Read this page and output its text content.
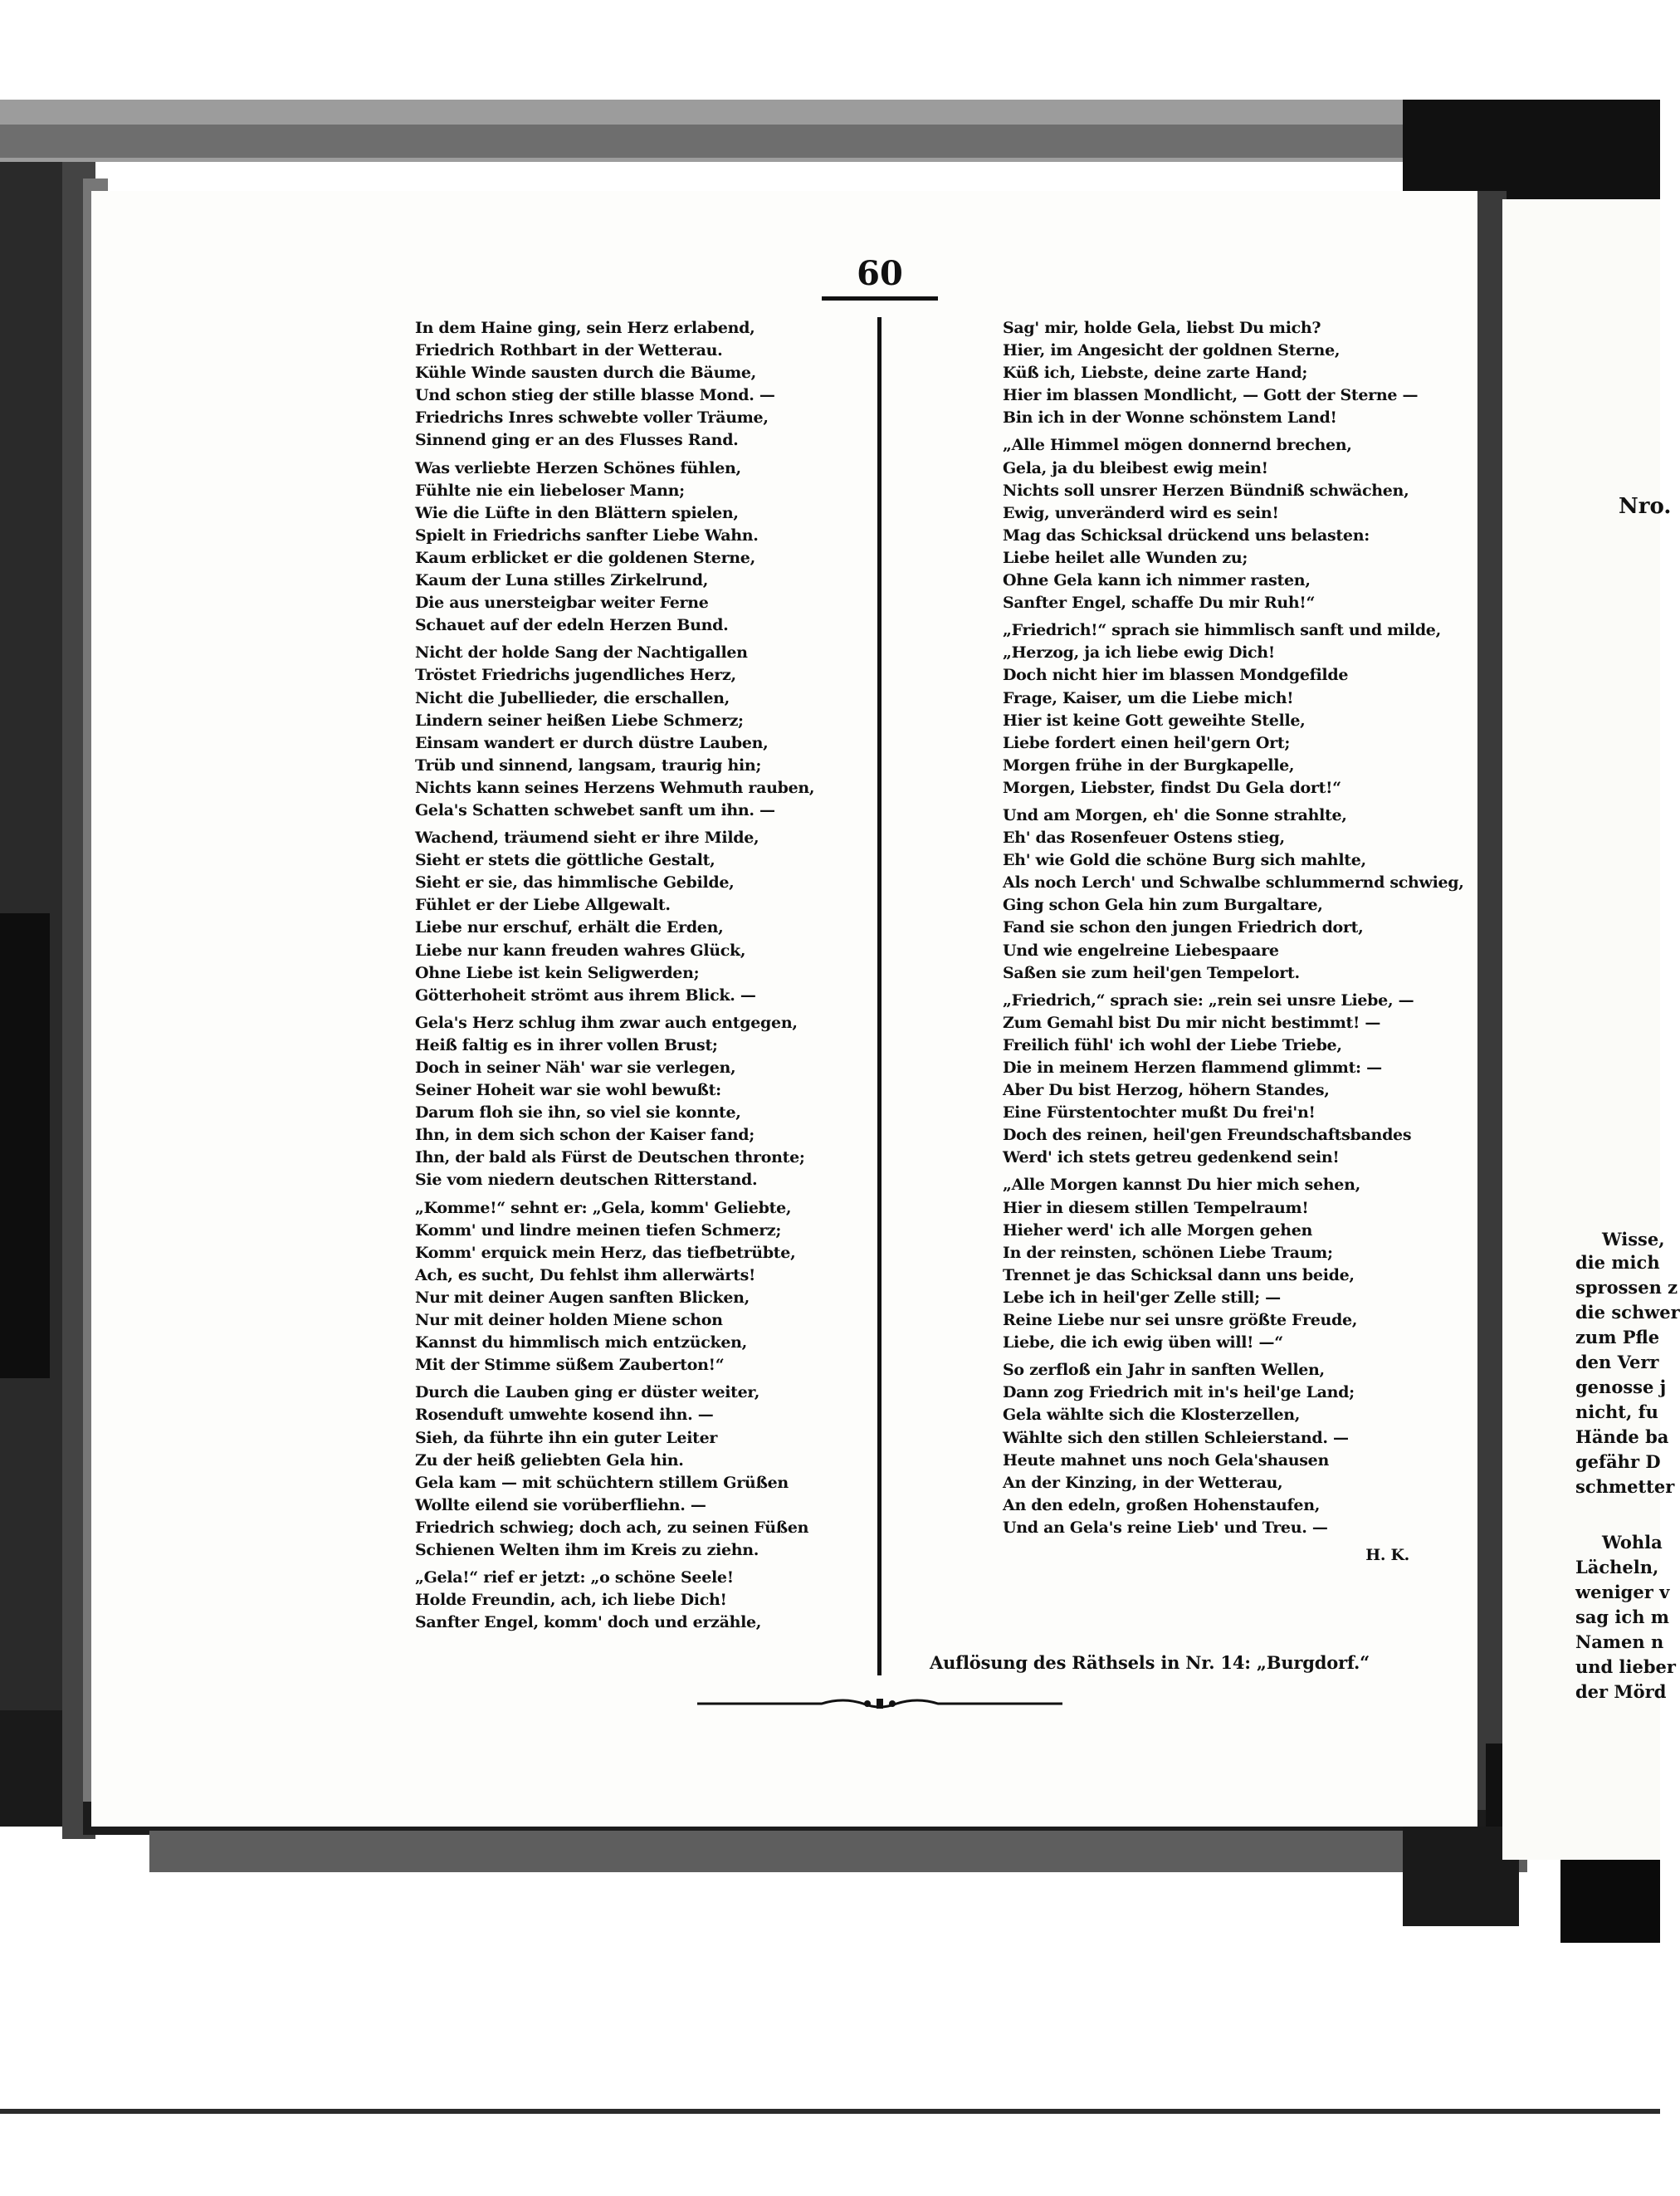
60
In dem Haine ging, sein Herz erlabend,
Friedrich Rothbart in der Wetterau.
Kühle Winde sausten durch die Bäume,
Und schon stieg der stille blasse Mond. —
Friedrichs Inres schwebte voller Träume,
Sinnend ging er an des Flusses Rand.
Was verliebte Herzen Schönes fühlen,
Fühlte nie ein liebeloser Mann;
Wie die Lüfte in den Blättern spielen,
Spielt in Friedrichs sanfter Liebe Wahn.
Kaum erblicket er die goldenen Sterne,
Kaum der Luna stilles Zirkelrund,
Die aus unersteigbar weiter Ferne
Schauet auf der edeln Herzen Bund.
Nicht der holde Sang der Nachtigallen
Tröstet Friedrichs jugendliches Herz,
Nicht die Jubellieder, die erschallen,
Lindern seiner heißen Liebe Schmerz;
Einsam wandert er durch düstre Lauben,
Trüb und sinnend, langsam, traurig hin;
Nichts kann seines Herzens Wehmuth rauben,
Gela's Schatten schwebet sanft um ihn. —
Wachend, träumend sieht er ihre Milde,
Sieht er stets die göttliche Gestalt,
Sieht er sie, das himmlische Gebilde,
Fühlet er der Liebe Allgewalt.
Liebe nur erschuf, erhält die Erden,
Liebe nur kann freuden wahres Glück,
Ohne Liebe ist kein Seligwerden;
Götterhoheit strömt aus ihrem Blick. —
Gela's Herz schlug ihm zwar auch entgegen,
Heiß faltig es in ihrer vollen Brust;
Doch in seiner Näh' war sie verlegen,
Seiner Hoheit war sie wohl bewußt:
Darum floh sie ihn, so viel sie konnte,
Ihn, in dem sich schon der Kaiser fand;
Ihn, der bald als Fürst de Deutschen thronte;
Sie vom niedern deutschen Ritterstand.
„Komme!“ sehnt er: „Gela, komm' Geliebte,
Komm' und lindre meinen tiefen Schmerz;
Komm' erquick mein Herz, das tiefbetrübte,
Ach, es sucht, Du fehlst ihm allerwärts!
Nur mit deiner Augen sanften Blicken,
Nur mit deiner holden Miene schon
Kannst du himmlisch mich entzücken,
Mit der Stimme süßem Zauberton!“
Durch die Lauben ging er düster weiter,
Rosenduft umwehte kosend ihn. —
Sieh, da führte ihn ein guter Leiter
Zu der heiß geliebten Gela hin.
Gela kam — mit schüchtern stillem Grüßen
Wollte eilend sie vorüberfliehn. —
Friedrich schwieg; doch ach, zu seinen Füßen
Schienen Welten ihm im Kreis zu ziehn.
„Gela!“ rief er jetzt: „o schöne Seele!
Holde Freundin, ach, ich liebe Dich!
Sanfter Engel, komm' doch und erzähle,
Sag' mir, holde Gela, liebst Du mich?
Hier, im Angesicht der goldnen Sterne,
Küß ich, Liebste, deine zarte Hand;
Hier im blassen Mondlicht, — Gott der Sterne —
Bin ich in der Wonne schönstem Land!
„Alle Himmel mögen donnernd brechen,
Gela, ja du bleibest ewig mein!
Nichts soll unsrer Herzen Bündniß schwächen,
Ewig, unveränderd wird es sein!
Mag das Schicksal drückend uns belasten:
Liebe heilet alle Wunden zu;
Ohne Gela kann ich nimmer rasten,
Sanfter Engel, schaffe Du mir Ruh!“
„Friedrich!“ sprach sie himmlisch sanft und milde,
„Herzog, ja ich liebe ewig Dich!
Doch nicht hier im blassen Mondgefilde
Frage, Kaiser, um die Liebe mich!
Hier ist keine Gott geweihte Stelle,
Liebe fordert einen heil'gern Ort;
Morgen frühe in der Burgkapelle,
Morgen, Liebster, findst Du Gela dort!“
Und am Morgen, eh' die Sonne strahlte,
Eh' das Rosenfeuer Ostens stieg,
Eh' wie Gold die schöne Burg sich mahlte,
Als noch Lerch' und Schwalbe schlummernd schwieg,
Ging schon Gela hin zum Burgaltare,
Fand sie schon den jungen Friedrich dort,
Und wie engelreine Liebespaare
Saßen sie zum heil'gen Tempelort.
„Friedrich,“ sprach sie: „rein sei unsre Liebe, —
Zum Gemahl bist Du mir nicht bestimmt! —
Freilich fühl' ich wohl der Liebe Triebe,
Die in meinem Herzen flammend glimmt: —
Aber Du bist Herzog, höhern Standes,
Eine Fürstentochter mußt Du frei'n!
Doch des reinen, heil'gen Freundschaftsbandes
Werd' ich stets getreu gedenkend sein!
„Alle Morgen kannst Du hier mich sehen,
Hier in diesem stillen Tempelraum!
Hieher werd' ich alle Morgen gehen
In der reinsten, schönen Liebe Traum;
Trennet je das Schicksal dann uns beide,
Lebe ich in heil'ger Zelle still; —
Reine Liebe nur sei unsre größte Freude,
Liebe, die ich ewig üben will! —“
So zerfloß ein Jahr in sanften Wellen,
Dann zog Friedrich mit in's heil'ge Land;
Gela wählte sich die Klosterzellen,
Wählte sich den stillen Schleierstand. —
Heute mahnet uns noch Gela'shausen
An der Kinzing, in der Wetterau,
An den edeln, großen Hohenstaufen,
Und an Gela's reine Lieb' und Treu. —
H. K.
Auflösung des Räthsels in Nr. 14: „Burgdorf.“
Nro.
Wisse,
die mich
sprossen z
die schwer
zum Pfle
den Verr
genosse j
nicht, fu
Hände ba
gefähr D
schmetter
Wohla
Lächeln,
weniger v
sag ich m
Namen n
und lieber
der Mörd
